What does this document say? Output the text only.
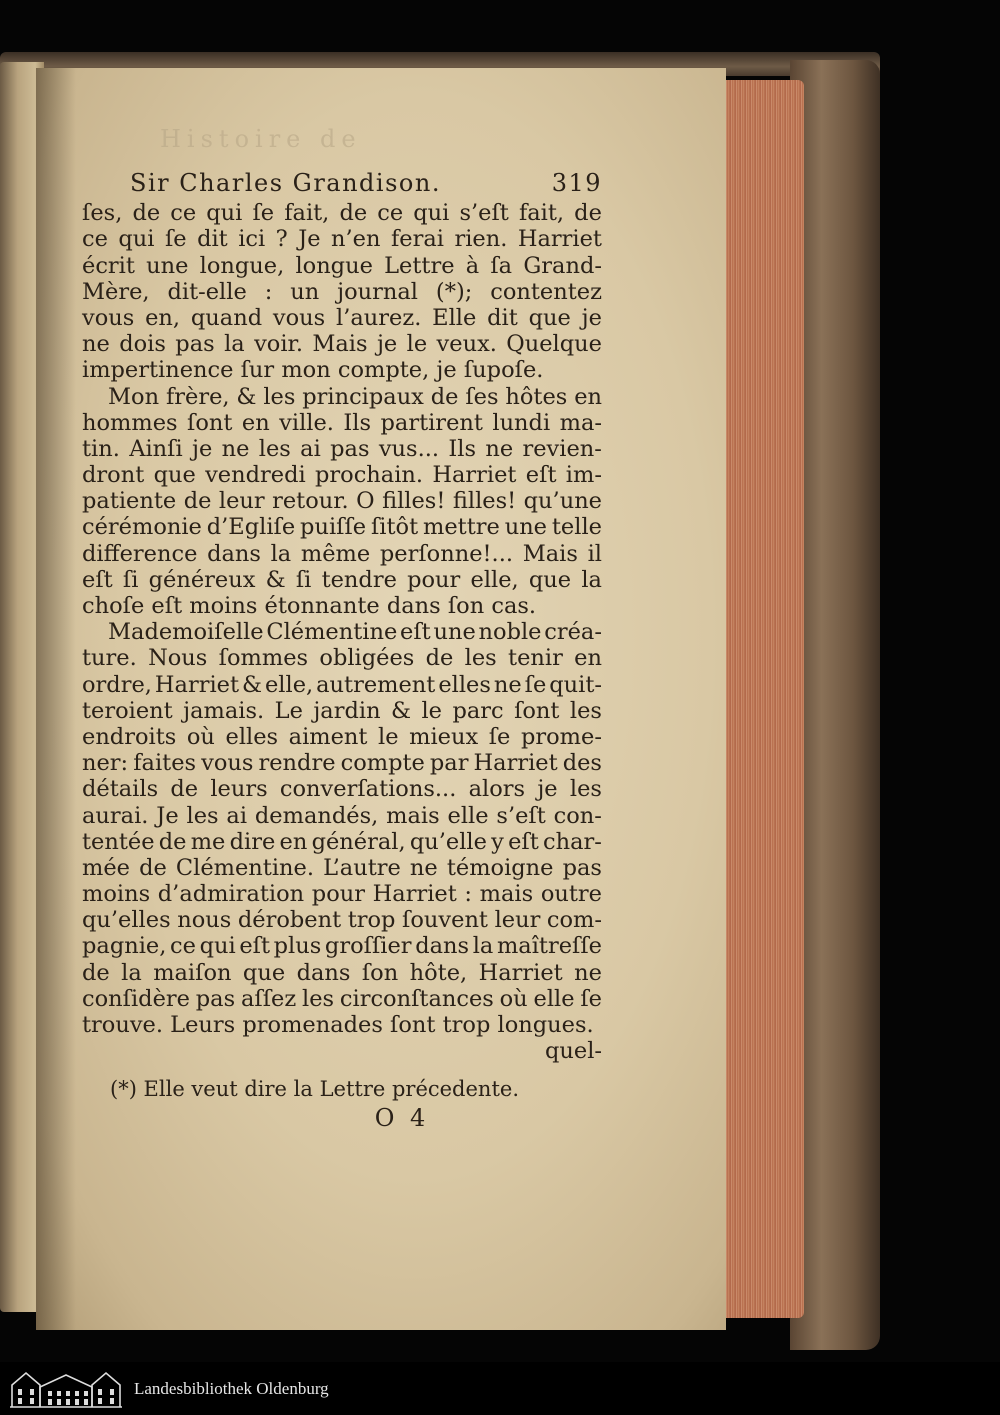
Histoire de
Sir Charles Grandison.	319
ſes, de ce qui ſe fait, de ce qui s’eſt fait, de
ce qui ſe dit ici ? Je n’en ferai rien. Harriet
écrit une longue, longue Lettre à ſa Grand-
Mère, dit-elle : un journal (*); contentez
vous en, quand vous l’aurez. Elle dit que je
ne dois pas la voir. Mais je le veux. Quelque
impertinence ſur mon compte, je ſupoſe.
Mon frère, & les principaux de ſes hôtes en
hommes ſont en ville. Ils partirent lundi ma-
tin. Ainſi je ne les ai pas vus... Ils ne revien-
dront que vendredi prochain. Harriet eſt im-
patiente de leur retour. O filles! filles! qu’une
cérémonie d’Egliſe puiſſe ſitôt mettre une telle
difference dans la même perſonne!... Mais il
eſt ſi généreux & ſi tendre pour elle, que la
choſe eſt moins étonnante dans ſon cas.
Mademoiſelle Clémentine eſt une noble créa-
ture. Nous ſommes obligées de les tenir en
ordre, Harriet & elle, autrement elles ne ſe quit-
teroient jamais. Le jardin & le parc ſont les
endroits où elles aiment le mieux ſe prome-
ner: faites vous rendre compte par Harriet des
détails de leurs converſations... alors je les
aurai. Je les ai demandés, mais elle s’eſt con-
tentée de me dire en général, qu’elle y eſt char-
mée de Clémentine. L’autre ne témoigne pas
moins d’admiration pour Harriet : mais outre
qu’elles nous dérobent trop ſouvent leur com-
pagnie, ce qui eſt plus groſſier dans la maîtreſſe
de la maiſon que dans ſon hôte, Harriet ne
conſidère pas aſſez les circonſtances où elle ſe
trouve. Leurs promenades ſont trop longues.
quel-
(*) Elle veut dire la Lettre précedente.
O 4
Landesbibliothek Oldenburg
